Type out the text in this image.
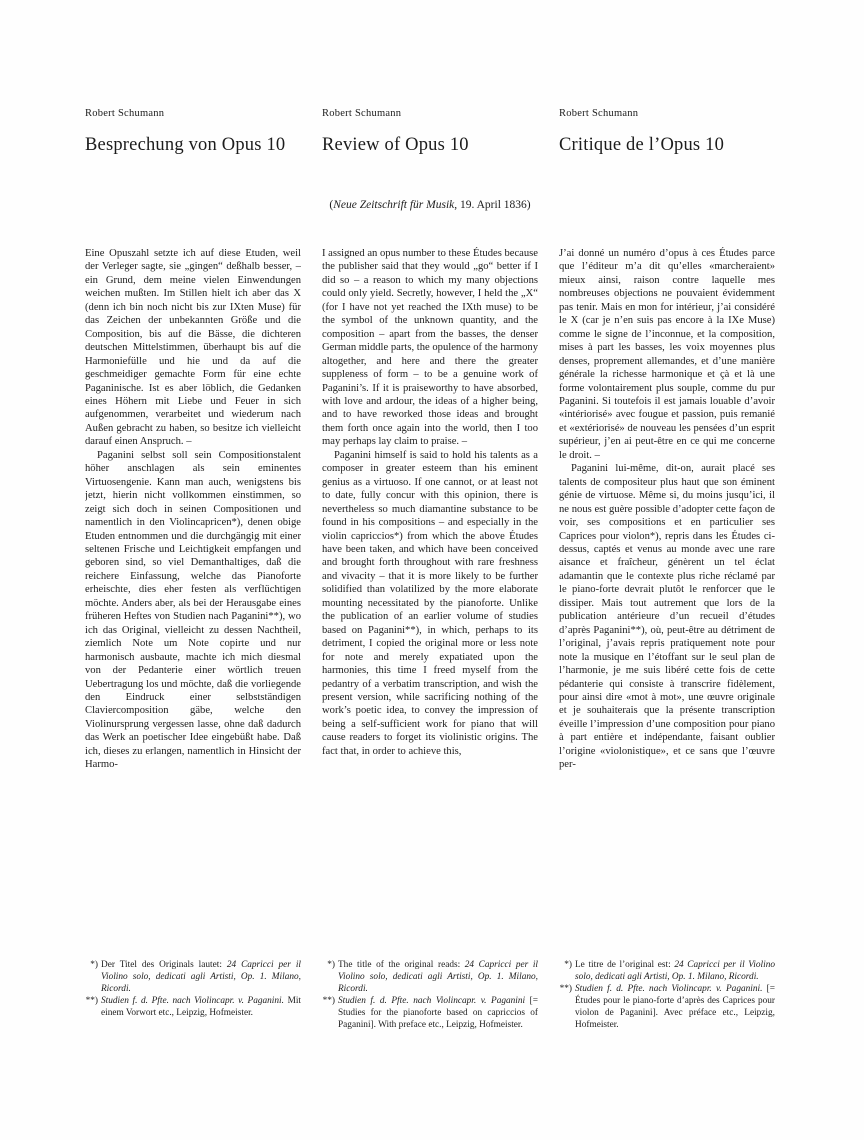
Robert Schumann
Besprechung von Opus 10
Robert Schumann
Review of Opus 10
Robert Schumann
Critique de l’Opus 10
(Neue Zeitschrift für Musik, 19. April 1836)

Eine Opuszahl setzte ich auf diese Etuden, weil der Verleger sagte, sie „gingen“ deßhalb besser, – ein Grund, dem meine vielen Einwendungen weichen mußten. Im Stillen hielt ich aber das X (denn ich bin noch nicht bis zur IXten Muse) für das Zeichen der unbekannten Größe und die Composition, bis auf die Bässe, die dichteren deutschen Mittelstimmen, überhaupt bis auf die Harmoniefülle und hie und da auf die geschmeidiger gemachte Form für eine echte Paganinische. Ist es aber löblich, die Gedanken eines Höhern mit Liebe und Feuer in sich aufgenommen, verarbeitet und wiederum nach Außen gebracht zu haben, so besitze ich vielleicht darauf einen Anspruch. –

Paganini selbst soll sein Compositionstalent höher anschlagen als sein eminentes Virtuosengenie. Kann man auch, wenigstens bis jetzt, hierin nicht vollkommen einstimmen, so zeigt sich doch in seinen Compositionen und namentlich in den Violincapricen*), denen obige Etuden entnommen und die durchgängig mit einer seltenen Frische und Leichtigkeit empfangen und geboren sind, so viel Demanthaltiges, daß die reichere Einfassung, welche das Pianoforte erheischte, dies eher festen als verflüchtigen möchte. Anders aber, als bei der Herausgabe eines früheren Heftes von Studien nach Paganini**), wo ich das Original, vielleicht zu dessen Nachtheil, ziemlich Note um Note copirte und nur harmonisch ausbaute, machte ich mich diesmal von der Pedanterie einer wörtlich treuen Uebertragung los und möchte, daß die vorliegende den Eindruck einer selbstständigen Claviercomposition gäbe, welche den Violinursprung vergessen lasse, ohne daß dadurch das Werk an poetischer Idee eingebüßt habe. Daß ich, dieses zu erlangen, namentlich in Hinsicht der Harmo-

*) Der Titel des Originals lautet: 24 Capricci per il Violino solo, dedicati agli Artisti, Op. 1. Milano, Ricordi.
**) Studien f. d. Pfte. nach Violincapr. v. Paganini. Mit einem Vorwort etc., Leipzig, Hofmeister.

I assigned an opus number to these Études because the publisher said that they would „go“ better if I did so – a reason to which my many objections could only yield. Secretly, however, I held the „X“ (for I have not yet reached the IXth muse) to be the symbol of the unknown quantity, and the composition – apart from the basses, the denser German middle parts, the opulence of the harmony altogether, and here and there the greater suppleness of form – to be a genuine work of Paganini’s. If it is praiseworthy to have absorbed, with love and ardour, the ideas of a higher being, and to have reworked those ideas and brought them forth once again into the world, then I too may perhaps lay claim to praise. –

Paganini himself is said to hold his talents as a composer in greater esteem than his eminent genius as a virtuoso. If one cannot, or at least not to date, fully concur with this opinion, there is nevertheless so much diamantine substance to be found in his compositions – and especially in the violin capriccios*) from which the above Études have been taken, and which have been conceived and brought forth throughout with rare freshness and vivacity – that it is more likely to be further solidified than volatilized by the more elaborate mounting necessitated by the pianoforte. Unlike the publication of an earlier volume of studies based on Paganini**), in which, perhaps to its detriment, I copied the original more or less note for note and merely expatiated upon the harmonies, this time I freed myself from the pedantry of a verbatim transcription, and wish the present version, while sacrificing nothing of the work’s poetic idea, to convey the impression of being a self-sufficient work for piano that will cause readers to forget its violinistic origins. The fact that, in order to achieve this,

*) The title of the original reads: 24 Capricci per il Violino solo, dedicati agli Artisti, Op. 1. Milano, Ricordi.
**) Studien f. d. Pfte. nach Violincapr. v. Paganini [= Studies for the pianoforte based on capriccios of Paganini]. With preface etc., Leipzig, Hofmeister.

J’ai donné un numéro d’opus à ces Études parce que l’éditeur m’a dit qu’elles «marcheraient» mieux ainsi, raison contre laquelle mes nombreuses objections ne pouvaient évidemment pas tenir. Mais en mon for intérieur, j’ai considéré le X (car je n’en suis pas encore à la IXe Muse) comme le signe de l’inconnue, et la composition, mises à part les basses, les voix moyennes plus denses, proprement allemandes, et d’une manière générale la richesse harmonique et çà et là une forme volontairement plus souple, comme du pur Paganini. Si toutefois il est jamais louable d’avoir «intériorisé» avec fougue et passion, puis remanié et «extériorisé» de nouveau les pensées d’un esprit supérieur, j’en ai peut-être en ce qui me concerne le droit. –

Paganini lui-même, dit-on, aurait placé ses talents de compositeur plus haut que son éminent génie de virtuose. Même si, du moins jusqu’ici, il ne nous est guère possible d’adopter cette façon de voir, ses compositions et en particulier ses Caprices pour violon*), repris dans les Études ci-dessus, captés et venus au monde avec une rare aisance et fraîcheur, génèrent un tel éclat adamantin que le contexte plus riche réclamé par le piano-forte devrait plutôt le renforcer que le dissiper. Mais tout autrement que lors de la publication antérieure d’un recueil d’études d’après Paganini**), où, peut-être au détriment de l’original, j’avais repris pratiquement note pour note la musique en l’étoffant sur le seul plan de l’harmonie, je me suis libéré cette fois de cette pédanterie qui consiste à transcrire fidèlement, pour ainsi dire «mot à mot», une œuvre originale et je souhaiterais que la présente transcription éveille l’impression d’une composition pour piano à part entière et indépendante, faisant oublier l’origine «violonistique», et ce sans que l’œuvre per-

*) Le titre de l’original est: 24 Capricci per il Violino solo, dedicati agli Artisti, Op. 1. Milano, Ricordi.
**) Studien f. d. Pfte. nach Violincapr. v. Paganini. [= Études pour le piano-forte d’après des Caprices pour violon de Paganini]. Avec préface etc., Leipzig, Hofmeister.
